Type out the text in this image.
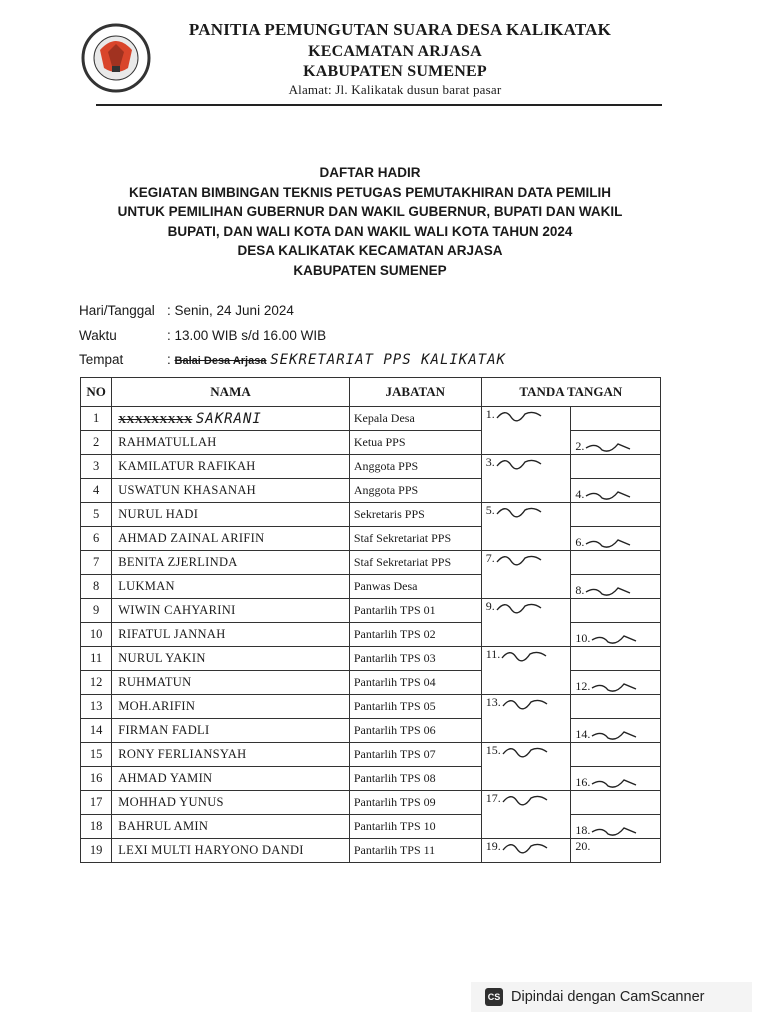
PANITIA PEMUNGUTAN SUARA DESA KALIKATAK
KECAMATAN ARJASA
KABUPATEN SUMENEP
Alamat: Jl. Kalikatak dusun barat pasar
DAFTAR HADIR
KEGIATAN BIMBINGAN TEKNIS PETUGAS PEMUTAKHIRAN DATA PEMILIH
UNTUK PEMILIHAN GUBERNUR DAN WAKIL GUBERNUR, BUPATI DAN WAKIL
BUPATI, DAN WALI KOTA DAN WAKIL WALI KOTA TAHUN 2024
DESA KALIKATAK KECAMATAN ARJASA
KABUPATEN SUMENEP
Hari/Tanggal : Senin, 24 Juni 2024
Waktu	: 13.00 WIB s/d 16.00 WIB
Tempat	: Balai Desa Arjasa SEKRETARIAT PPS KALIKATAK
NO	NAMA	JABATAN	TANDA TANGAN	
1	XXXXXXXXX SAKRANI	Kepala Desa	1.	
2	RAHMATULLAH	Ketua PPS		2.
3	KAMILATUR RAFIKAH	Anggota PPS	3.	
4	USWATUN KHASANAH	Anggota PPS		4.
5	NURUL HADI	Sekretaris PPS	5.	
6	AHMAD ZAINAL ARIFIN	Staf Sekretariat PPS		6.
7	BENITA ZJERLINDA	Staf Sekretariat PPS	7.	
8	LUKMAN	Panwas Desa		8.
9	WIWIN CAHYARINI	Pantarlih TPS 01	9.	
10	RIFATUL JANNAH	Pantarlih TPS 02		10.
11	NURUL YAKIN	Pantarlih TPS 03	11.	
12	RUHMATUN	Pantarlih TPS 04		12.
13	MOH.ARIFIN	Pantarlih TPS 05	13.	
14	FIRMAN FADLI	Pantarlih TPS 06		14.
15	RONY FERLIANSYAH	Pantarlih TPS 07	15.	
16	AHMAD YAMIN	Pantarlih TPS 08		16.
17	MOHHAD YUNUS	Pantarlih TPS 09	17.	
18	BAHRUL AMIN	Pantarlih TPS 10		18.
19	LEXI MULTI HARYONO DANDI	Pantarlih TPS 11	19.	20.
CS Dipindai dengan CamScanner
